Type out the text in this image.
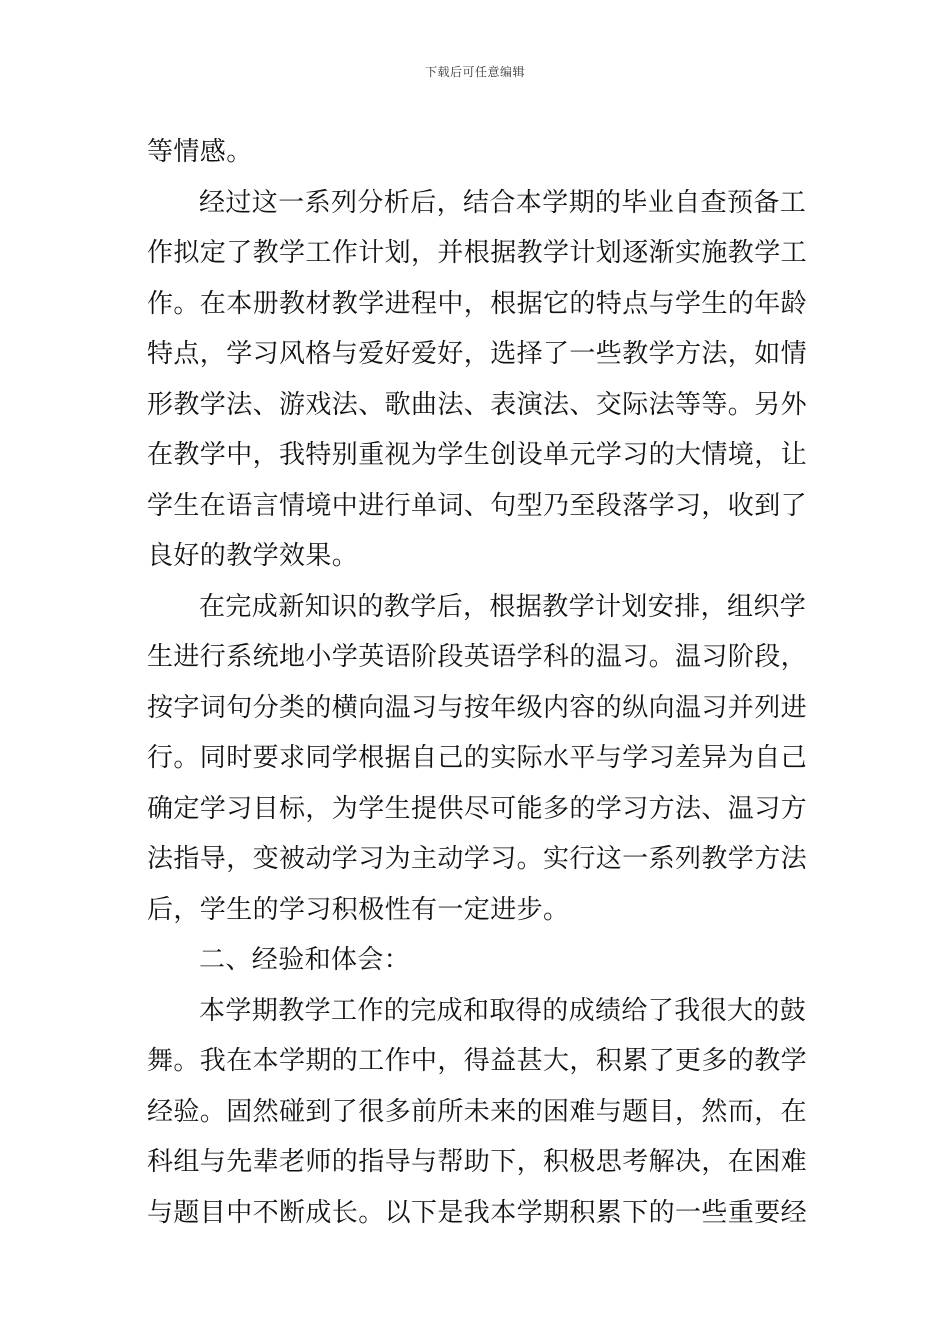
下载后可任意编辑
等情感。
经过这一系列分析后，结合本学期的毕业自查预备工
作拟定了教学工作计划，并根据教学计划逐渐实施教学工
作。在本册教材教学进程中，根据它的特点与学生的年龄
特点，学习风格与爱好爱好，选择了一些教学方法，如情
形教学法、游戏法、歌曲法、表演法、交际法等等。另外
在教学中，我特别重视为学生创设单元学习的大情境，让
学生在语言情境中进行单词、句型乃至段落学习，收到了
良好的教学效果。
在完成新知识的教学后，根据教学计划安排，组织学
生进行系统地小学英语阶段英语学科的温习。温习阶段，
按字词句分类的横向温习与按年级内容的纵向温习并列进
行。同时要求同学根据自己的实际水平与学习差异为自己
确定学习目标，为学生提供尽可能多的学习方法、温习方
法指导，变被动学习为主动学习。实行这一系列教学方法
后，学生的学习积极性有一定进步。
二、经验和体会：
本学期教学工作的完成和取得的成绩给了我很大的鼓
舞。我在本学期的工作中，得益甚大，积累了更多的教学
经验。固然碰到了很多前所未来的困难与题目，然而，在
科组与先辈老师的指导与帮助下，积极思考解决，在困难
与题目中不断成长。以下是我本学期积累下的一些重要经
